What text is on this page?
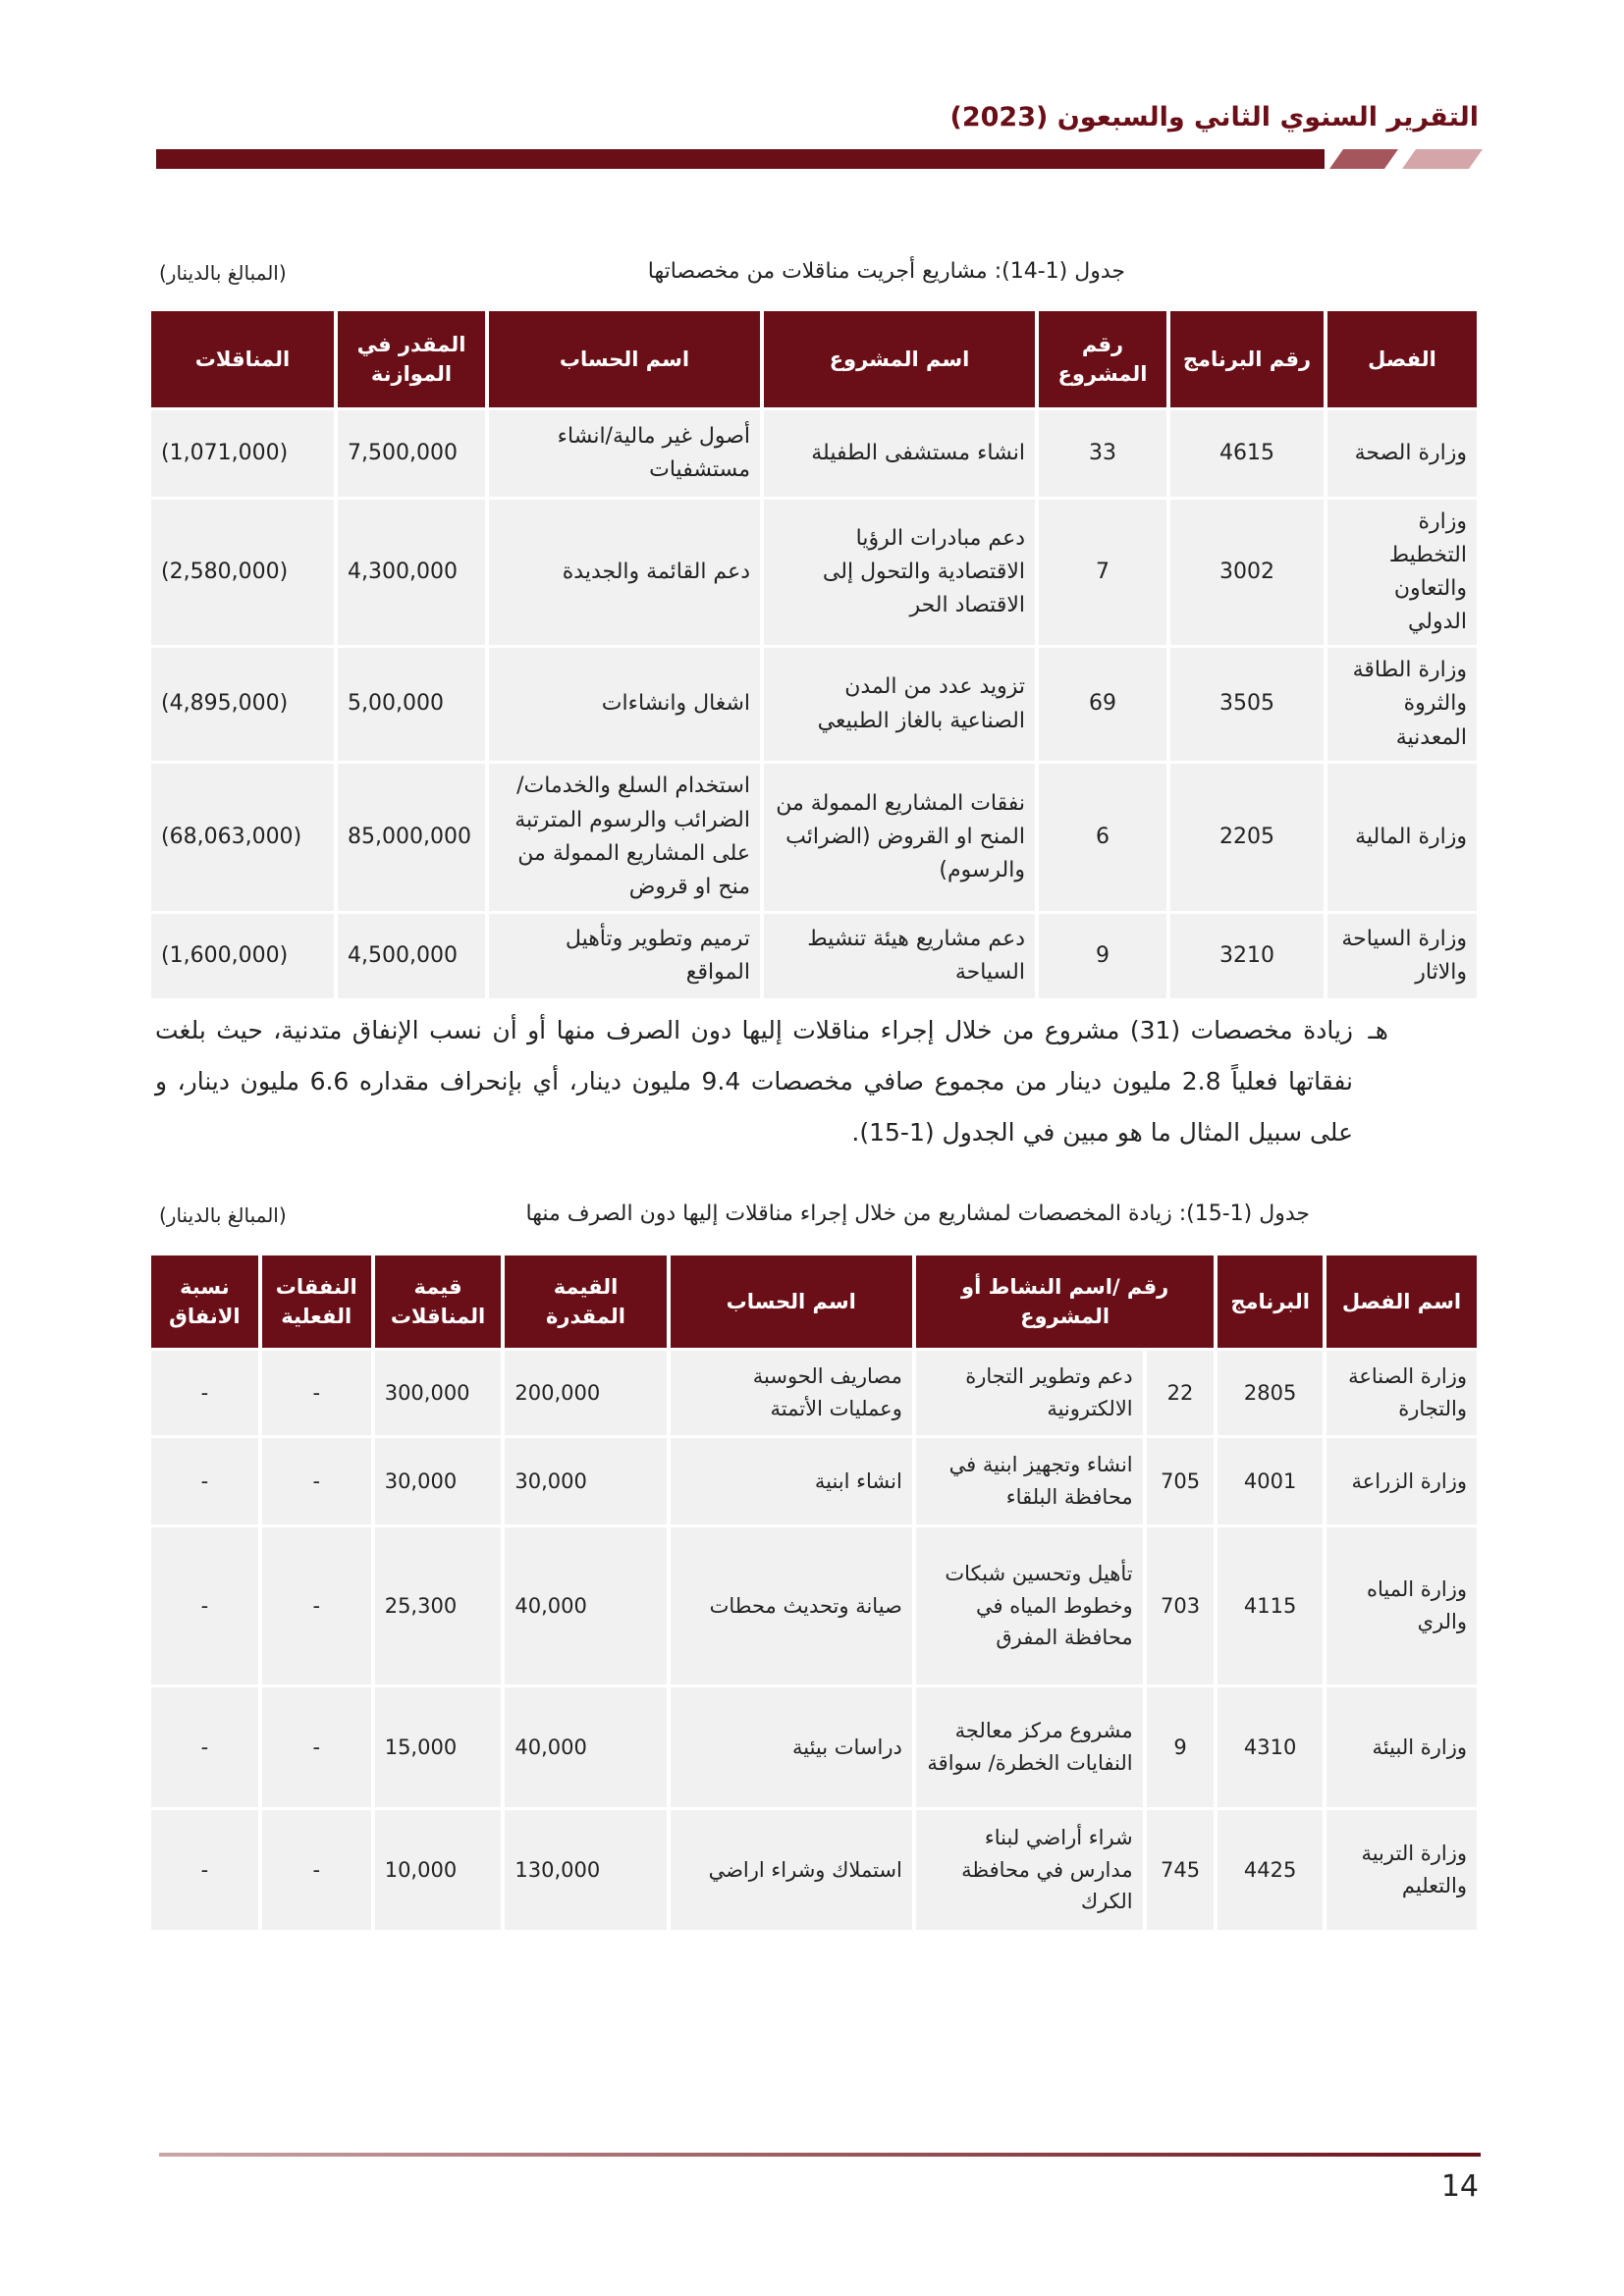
التقرير السنوي الثاني والسبعون (2023)
جدول (1-14): مشاريع أجريت مناقلات من مخصصاتها
(المبالغ بالدينار)
الفصل	رقم البرنامج	رقم المشروع	اسم المشروع	اسم الحساب	المقدر في الموازنة	المناقلات
وزارة الصحة	4615	33	انشاء مستشفى الطفيلة	أصول غير مالية/انشاء مستشفيات	7,500,000	(1,071,000)
وزارة التخطيط والتعاون الدولي	3002	7	دعم مبادرات الرؤيا الاقتصادية والتحول إلى الاقتصاد الحر	دعم القائمة والجديدة	4,300,000	(2,580,000)
وزارة الطاقة والثروة المعدنية	3505	69	تزويد عدد من المدن الصناعية بالغاز الطبيعي	اشغال وانشاءات	5,00,000	(4,895,000)
وزارة المالية	2205	6	نفقات المشاريع الممولة من المنح او القروض (الضرائب والرسوم)	استخدام السلع والخدمات/ الضرائب والرسوم المترتبة على المشاريع الممولة من منح او قروض	85,000,000	(68,063,000)
وزارة السياحة والاثار	3210	9	دعم مشاريع هيئة تنشيط السياحة	ترميم وتطوير وتأهيل المواقع	4,500,000	(1,600,000)
هـ
زيادة مخصصات (31) مشروع من خلال إجراء مناقلات إليها دون الصرف منها أو أن نسب الإنفاق متدنية، حيث بلغت نفقاتها فعلياً 2.8 مليون دينار من مجموع صافي مخصصات 9.4 مليون دينار، أي بإنحراف مقداره 6.6 مليون دينار، و على سبيل المثال ما هو مبين في الجدول (1-15).
جدول (1-15): زيادة المخصصات لمشاريع من خلال إجراء مناقلات إليها دون الصرف منها
(المبالغ بالدينار)
اسم الفصل	البرنامج	رقم /اسم النشاط أو المشروع		اسم الحساب	القيمة المقدرة	قيمة المناقلات	النفقات الفعلية	نسبة الانفاق
وزارة الصناعة والتجارة	2805	22	دعم وتطوير التجارة الالكترونية	مصاريف الحوسبة وعمليات الأتمتة	200,000	300,000	-	-
وزارة الزراعة	4001	705	انشاء وتجهيز ابنية في محافظة البلقاء	انشاء ابنية	30,000	30,000	-	-
وزارة المياه والري	4115	703	تأهيل وتحسين شبكات وخطوط المياه في محافظة المفرق	صيانة وتحديث محطات	40,000	25,300	-	-
وزارة البيئة	4310	9	مشروع مركز معالجة النفايات الخطرة/ سواقة	دراسات بيئية	40,000	15,000	-	-
وزارة التربية والتعليم	4425	745	شراء أراضي لبناء مدارس في محافظة الكرك	استملاك وشراء اراضي	130,000	10,000	-	-
14
